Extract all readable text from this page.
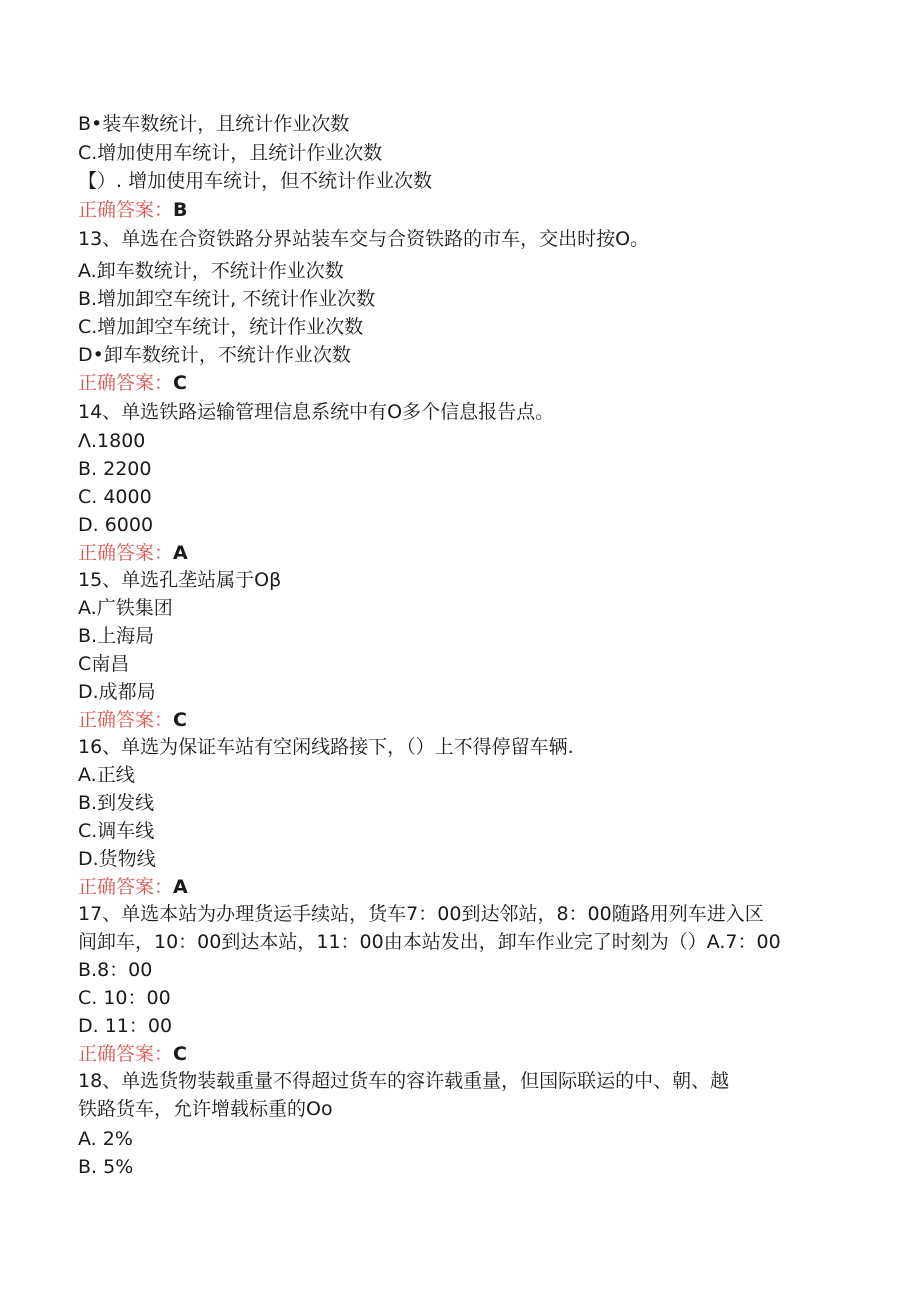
B•装车数统计，且统计作业次数
C.增加使用车统计，且统计作业次数
【）. 增加使用车统计，但不统计作业次数
正确答案：B
13、单选在合资铁路分界站装车交与合资铁路的市车，交出时按O。
A.卸车数统计，不统计作业次数
B.增加卸空车统计, 不统计作业次数
C.增加卸空车统计，统计作业次数
D•卸车数统计，不统计作业次数
正确答案：C
14、单选铁路运输管理信息系统中有O多个信息报告点。
Λ.1800
B. 2200
C. 4000
D. 6000
正确答案：A
15、单选孔垄站属于Oβ
A.广铁集团
B.上海局
C南昌
D.成都局
正确答案：C
16、单选为保证车站有空闲线路接下，（）上不得停留车辆.
A.正线
B.到发线
C.调车线
D.货物线
正确答案：A
17、单选本站为办理货运手续站，货车7：00到达邻站，8：00随路用列车进入区
间卸车，10：00到达本站，11：00由本站发出，卸车作业完了时刻为（）A.7：00
B.8：00
C. 10：00
D. 11：00
正确答案：C
18、单选货物装载重量不得超过货车的容许载重量，但国际联运的中、朝、越
铁路货车，允许增载标重的Oo
A. 2%
B. 5%
